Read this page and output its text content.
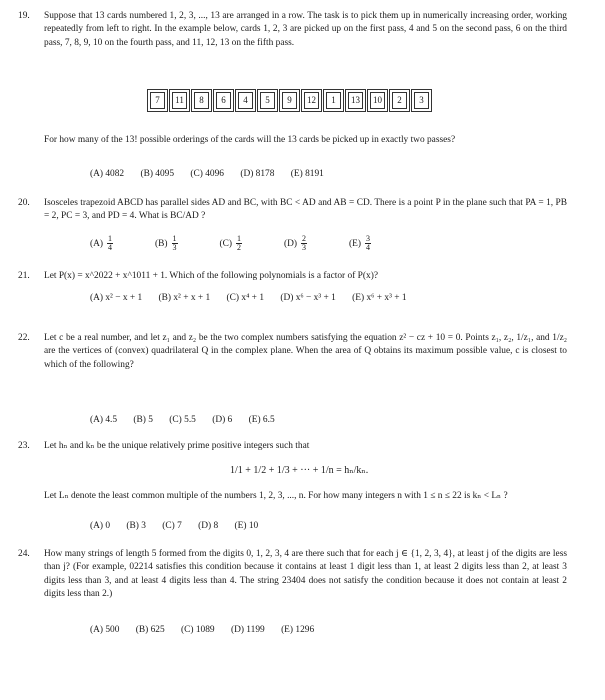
19.	Suppose that 13 cards numbered 1, 2, 3, ..., 13 are arranged in a row. The task is to pick them up in numerically increasing order, working repeatedly from left to right. In the example below, cards 1, 2, 3 are picked up on the first pass, 4 and 5 on the second pass, 6 on the third pass, 7, 8, 9, 10 on the fourth pass, and 11, 12, 13 on the fifth pass.
7	11	8	6	4	5	9	12	1	13	10	2	3
For how many of the 13! possible orderings of the cards will the 13 cards be picked up in exactly two passes?
(A) 4082 (B) 4095 (C) 4096 (D) 8178 (E) 8191
20.	Isosceles trapezoid ABCD has parallel sides AD and BC, with BC < AD and AB = CD. There is a point P in the plane such that PA = 1, PB = 2, PC = 3, and PD = 4. What is BC/AD ?
$(A) \frac{1}{4}$	$(B) \frac{1}{3}$	$(C) \frac{1}{2}$	$(D) \frac{2}{3}$	$(E) \frac{3}{4}$
21.	Let P(x) = x^2022 + x^1011 + 1. Which of the following polynomials is a factor of P(x)?
(A) x² − x + 1 (B) x² + x + 1 (C) x⁴ + 1 (D) x⁶ − x³ + 1 (E) x⁶ + x³ + 1
22.	Let c be a real number, and let z₁ and z₂ be the two complex numbers satisfying the equation z² − cz + 10 = 0. Points z₁, z₂, 1/z₁, and 1/z₂ are the vertices of (convex) quadrilateral Q in the complex plane. When the area of Q obtains its maximum possible value, c is closest to which of the following?
(A) 4.5 (B) 5 (C) 5.5 (D) 6 (E) 6.5
23.	Let hₙ and kₙ be the unique relatively prime positive integers such that
1/1 + 1/2 + 1/3 + ··· + 1/n = hₙ/kₙ.
Let Lₙ denote the least common multiple of the numbers 1, 2, 3, ..., n. For how many integers n with 1 ≤ n ≤ 22 is kₙ < Lₙ ?
(A) 0 (B) 3 (C) 7 (D) 8 (E) 10
24.	How many strings of length 5 formed from the digits 0, 1, 2, 3, 4 are there such that for each j ∈ {1, 2, 3, 4}, at least j of the digits are less than j? (For example, 02214 satisfies this condition because it contains at least 1 digit less than 1, at least 2 digits less than 2, at least 3 digits less than 3, and at least 4 digits less than 4. The string 23404 does not satisfy the condition because it does not contain at least 2 digits less than 2.)
(A) 500 (B) 625 (C) 1089 (D) 1199 (E) 1296
